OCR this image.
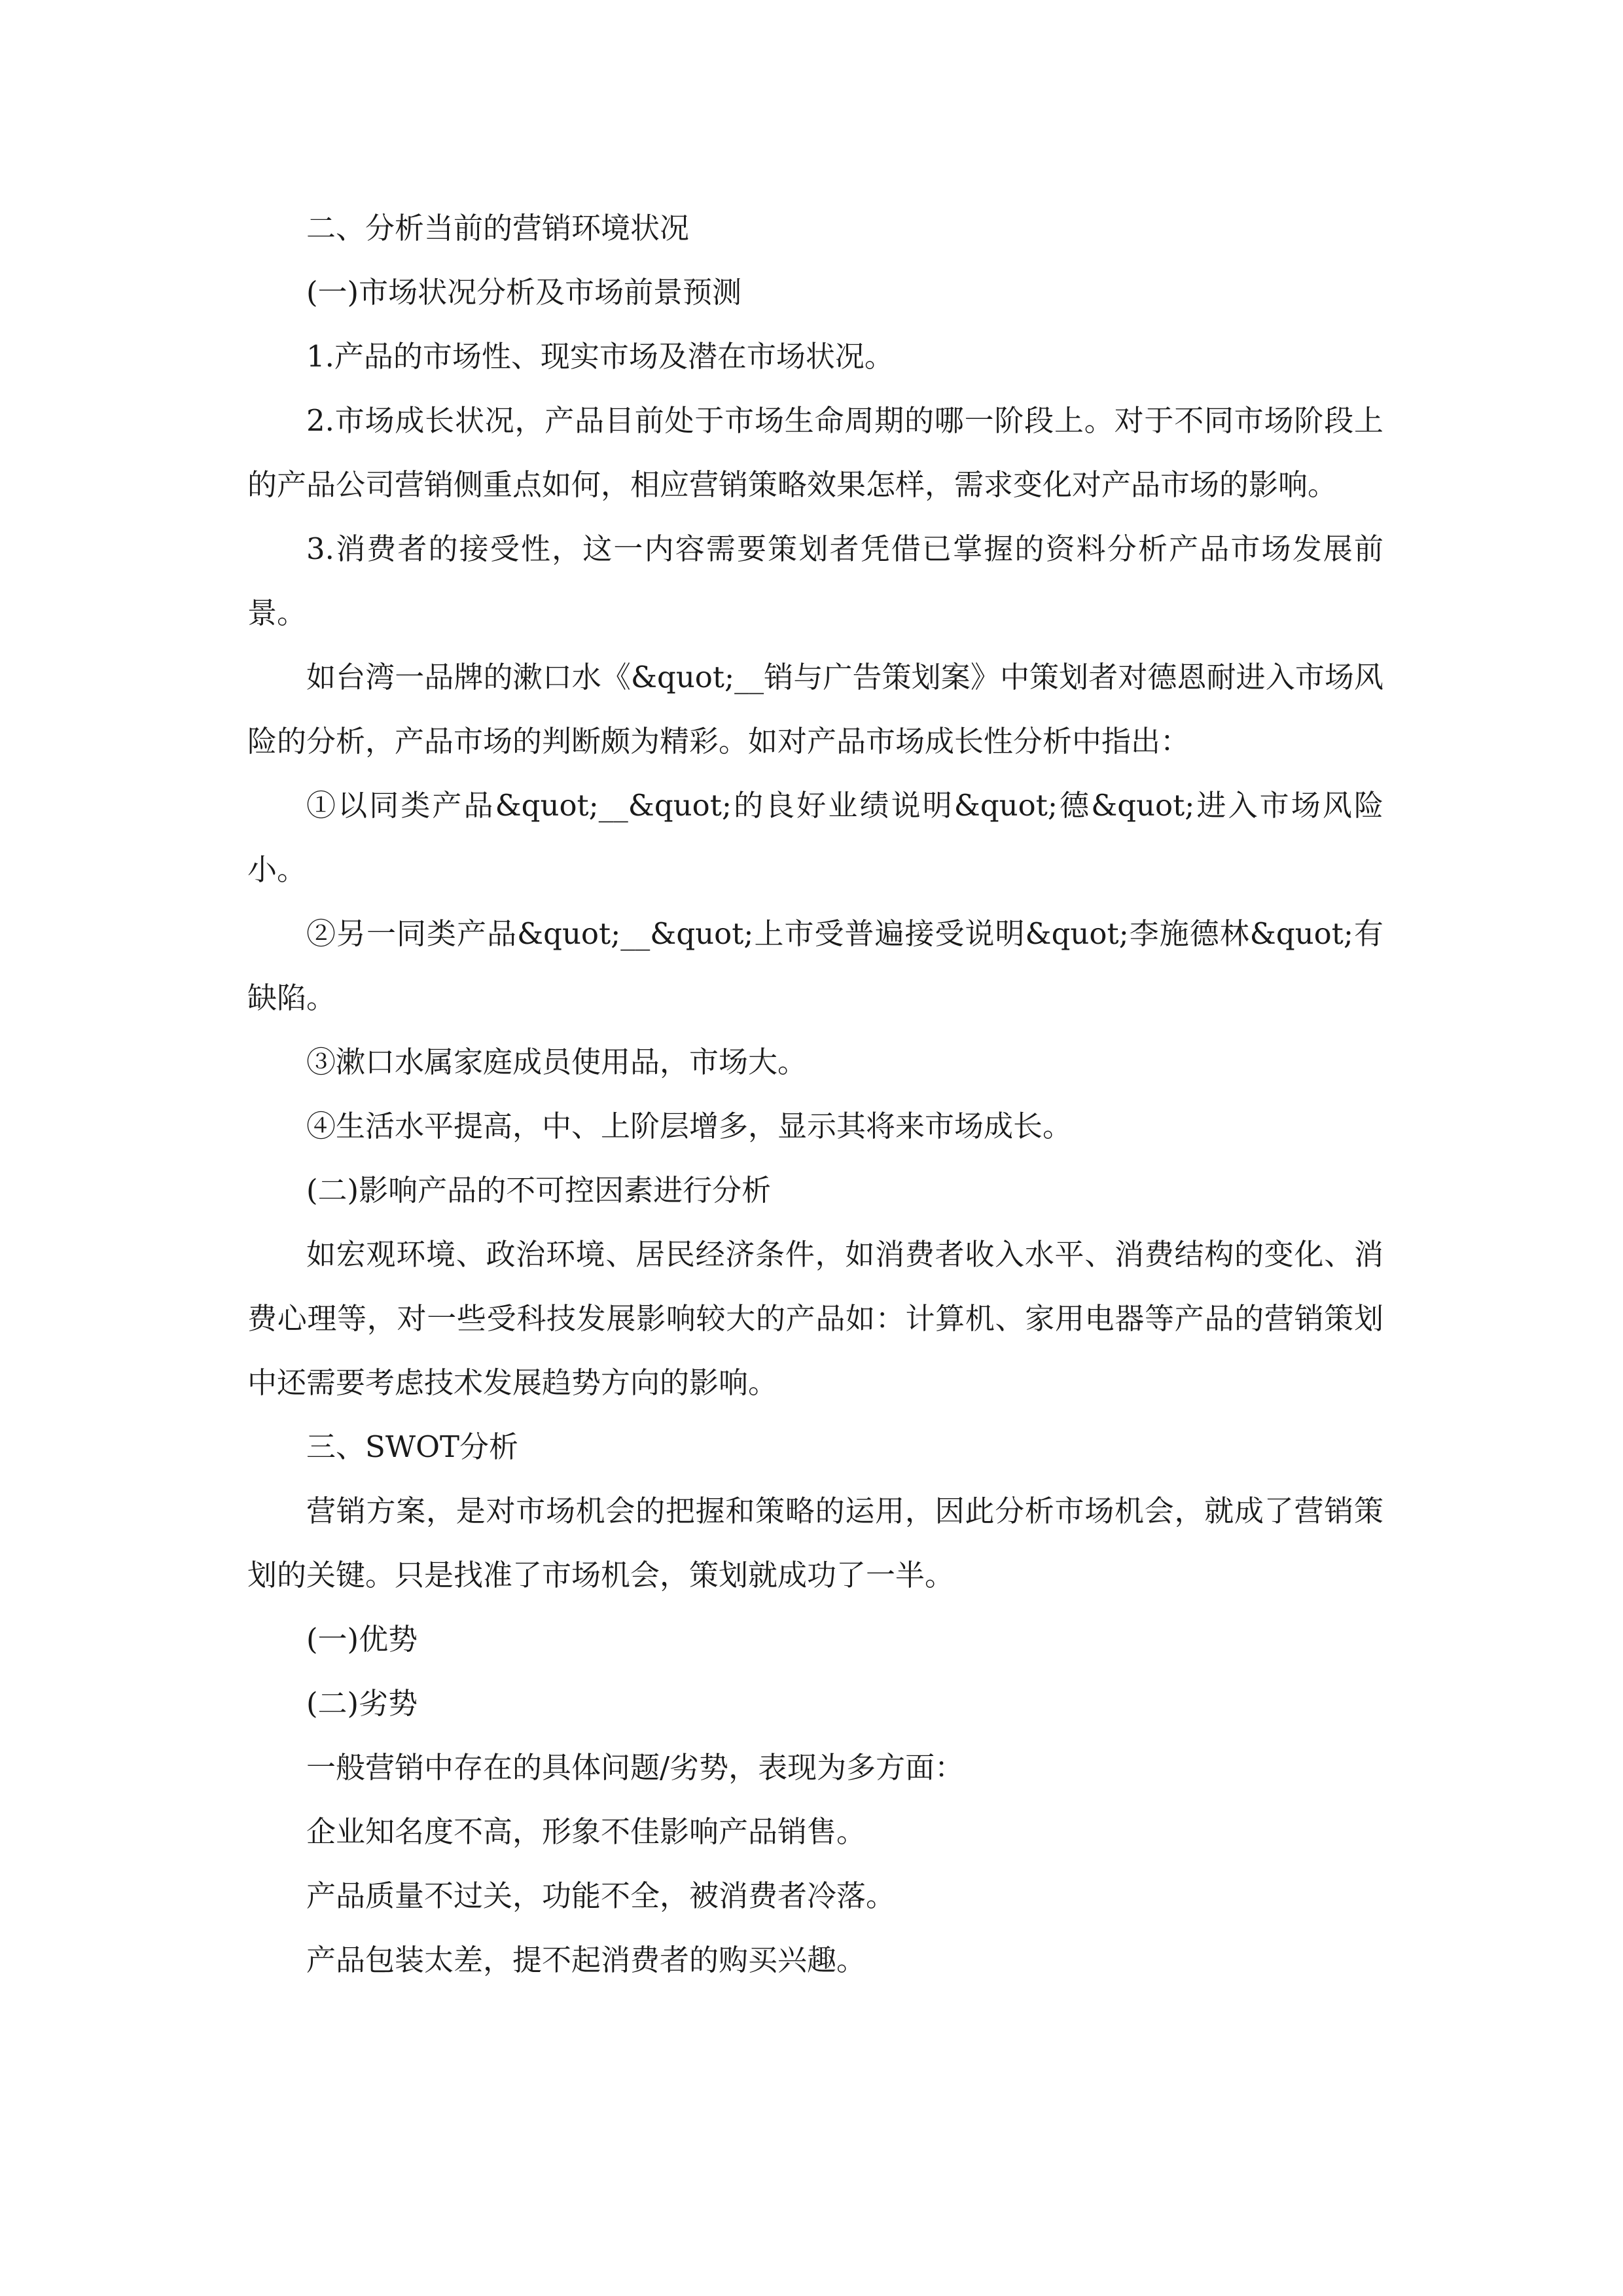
二、分析当前的营销环境状况

(一)市场状况分析及市场前景预测

1.产品的市场性、现实市场及潜在市场状况。

2.市场成长状况，产品目前处于市场生命周期的哪一阶段上。对于不同市场阶段上的产品公司营销侧重点如何，相应营销策略效果怎样，需求变化对产品市场的影响。

3.消费者的接受性，这一内容需要策划者凭借已掌握的资料分析产品市场发展前景。

如台湾一品牌的漱口水《&quot;__销与广告策划案》中策划者对德恩耐进入市场风险的分析，产品市场的判断颇为精彩。如对产品市场成长性分析中指出：

①以同类产品&quot;__&quot;的良好业绩说明&quot;德&quot;进入市场风险小。

②另一同类产品&quot;__&quot;上市受普遍接受说明&quot;李施德林&quot;有缺陷。

③漱口水属家庭成员使用品，市场大。

④生活水平提高，中、上阶层增多，显示其将来市场成长。

(二)影响产品的不可控因素进行分析

如宏观环境、政治环境、居民经济条件，如消费者收入水平、消费结构的变化、消费心理等，对一些受科技发展影响较大的产品如：计算机、家用电器等产品的营销策划中还需要考虑技术发展趋势方向的影响。

三、SWOT分析

营销方案，是对市场机会的把握和策略的运用，因此分析市场机会，就成了营销策划的关键。只是找准了市场机会，策划就成功了一半。

(一)优势

(二)劣势

一般营销中存在的具体问题/劣势，表现为多方面：

企业知名度不高，形象不佳影响产品销售。

产品质量不过关，功能不全，被消费者冷落。

产品包装太差，提不起消费者的购买兴趣。
